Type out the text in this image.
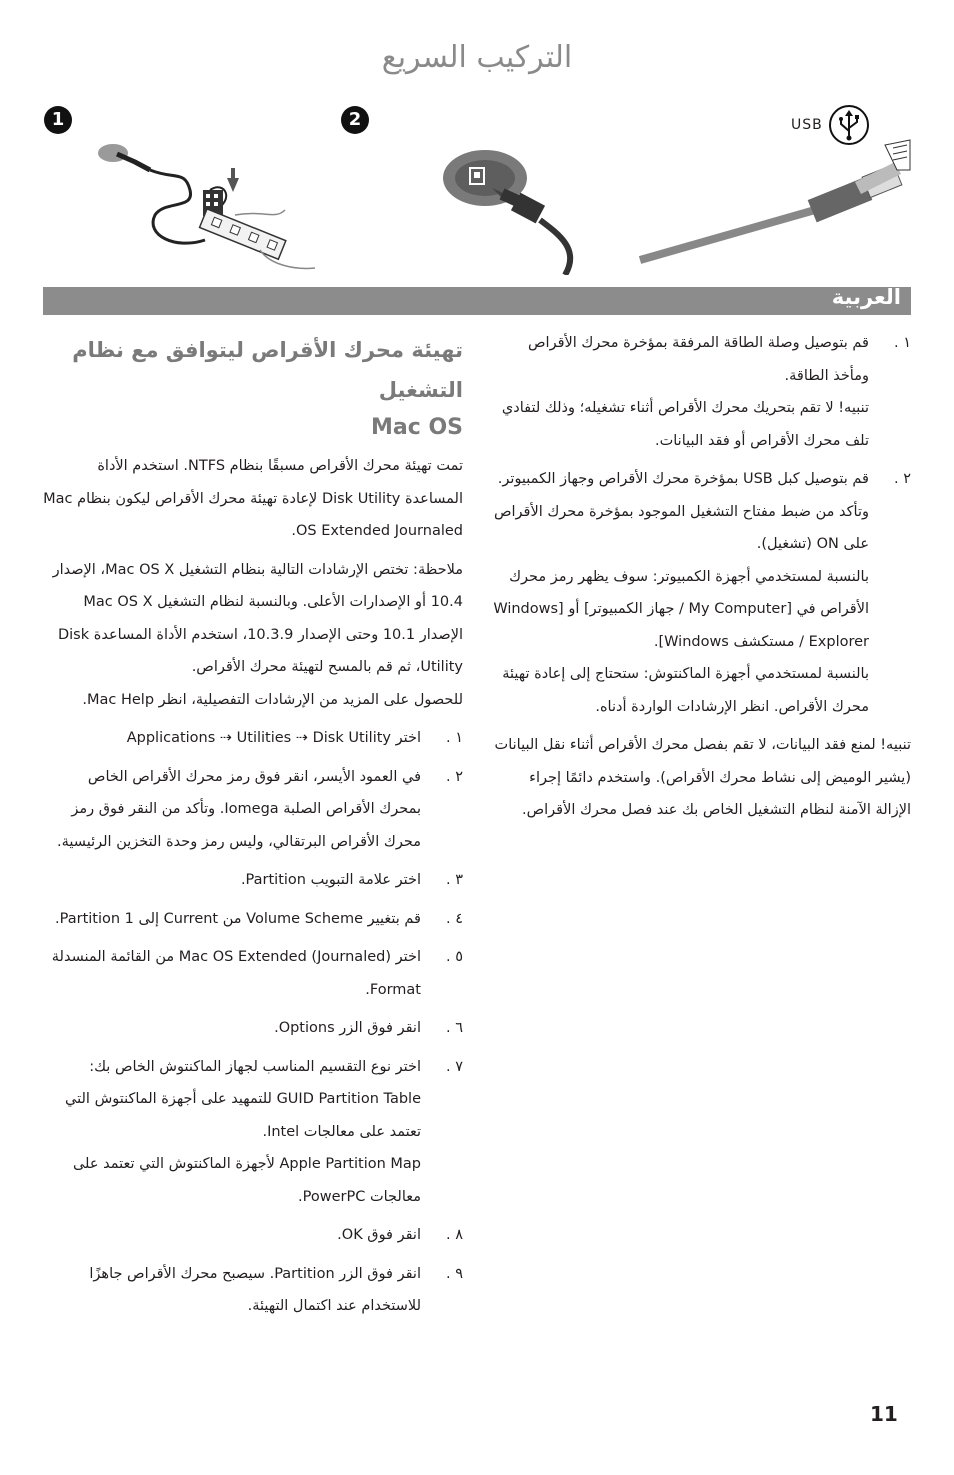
التركيب السريع
1	2	USB
العربية
١ .

قم بتوصيل وصلة الطاقة المرفقة بمؤخرة محرك الأقراص ومأخذ الطاقة.

تنبيه! لا تقم بتحريك محرك الأقراص أثناء تشغيله؛ وذلك لتفادي تلف محرك الأقراص أو فقد البيانات.

٢ .

قم بتوصيل كبل USB بمؤخرة محرك الأقراص وجهاز الكمبيوتر. وتأكد من ضبط مفتاح التشغيل الموجود بمؤخرة محرك الأقراص على ON (تشغيل).

بالنسبة لمستخدمي أجهزة الكمبيوتر: سوف يظهر رمز محرك الأقراص في [My Computer / جهاز الكمبيوتر] أو [Windows Explorer / مستكشف Windows].

بالنسبة لمستخدمي أجهزة الماكنتوش: ستحتاج إلى إعادة تهيئة محرك الأقراص. انظر الإرشادات الواردة أدناه.

تنبيه! لمنع فقد البيانات، لا تقم بفصل محرك الأقراص أثناء نقل البيانات (يشير الوميض إلى نشاط محرك الأقراص). واستخدم دائمًا إجراء الإزالة الآمنة لنظام التشغيل الخاص بك عند فصل محرك الأقراص.

تهيئة محرك الأقراص ليتوافق مع نظام التشغيل

Mac OS

تمت تهيئة محرك الأقراص مسبقًا بنظام NTFS. استخدم الأداة المساعدة Disk Utility لإعادة تهيئة محرك الأقراص ليكون بنظام Mac OS Extended Journaled.

ملاحظة: تختص الإرشادات التالية بنظام التشغيل Mac OS X، الإصدار 10.4 أو الإصدارات الأعلى. وبالنسبة لنظام التشغيل Mac OS X الإصدار 10.1 وحتى الإصدار 10.3.9، استخدم الأداة المساعدة Disk Utility، ثم قم بالمسح لتهيئة محرك الأقراص.

للحصول على المزيد من الإرشادات التفصيلية، انظر Mac Help.

١ .
اختر Applications ⇢ Utilities ⇢ Disk Utility
٢ .
في العمود الأيسر، انقر فوق رمز محرك الأقراص الخاص بمحرك الأقراص الصلبة Iomega. وتأكد من النقر فوق رمز محرك الأقراص البرتقالي، وليس رمز وحدة التخزين الرئيسية.
٣ .
اختر علامة التبويب Partition.
٤ .
قم بتغيير Volume Scheme من Current إلى Partition 1.
٥ .
اختر Mac OS Extended (Journaled) من القائمة المنسدلة Format.
٦ .
انقر فوق الزر Options.
٧ .

اختر نوع التقسيم المناسب لجهاز الماكنتوش الخاص بك:

GUID Partition Table للتمهيد على أجهزة الماكنتوش التي تعتمد على معالجات Intel.

Apple Partition Map لأجهزة الماكنتوش التي تعتمد على معالجات PowerPC.

٨ .
انقر فوق OK.
٩ .
انقر فوق الزر Partition. سيصبح محرك الأقراص جاهزًا للاستخدام عند اكتمال التهيئة.
11
